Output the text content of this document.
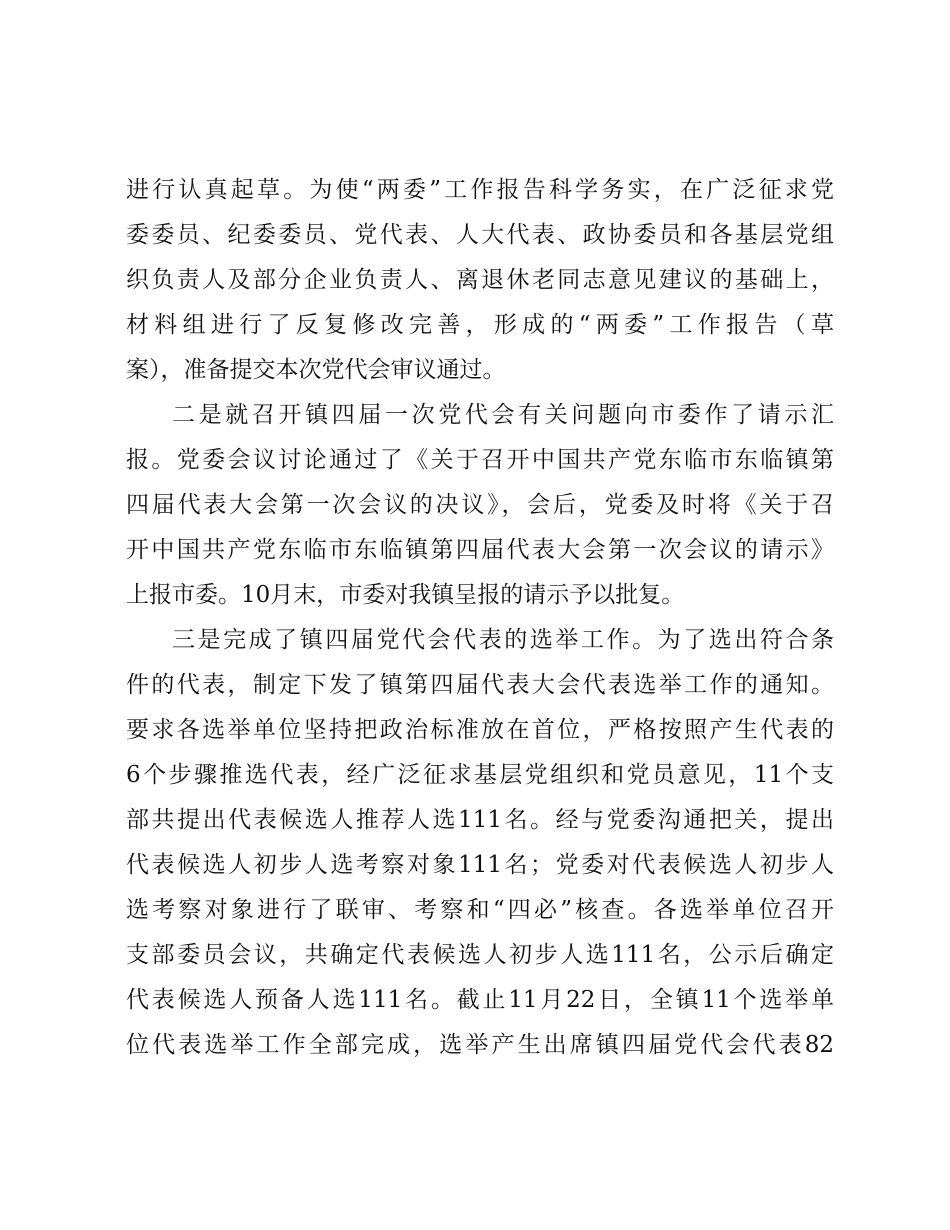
进行认真起草。为使“两委”工作报告科学务实，在广泛征求党
委委员、纪委委员、党代表、人大代表、政协委员和各基层党组
织负责人及部分企业负责人、离退休老同志意见建议的基础上，
材料组进行了反复修改完善，形成的“两委”工作报告（草
案），准备提交本次党代会审议通过。
二是就召开镇四届一次党代会有关问题向市委作了请示汇
报。党委会议讨论通过了《关于召开中国共产党东临市东临镇第
四届代表大会第一次会议的决议》，会后，党委及时将《关于召
开中国共产党东临市东临镇第四届代表大会第一次会议的请示》
上报市委。10月末，市委对我镇呈报的请示予以批复。
三是完成了镇四届党代会代表的选举工作。为了选出符合条
件的代表，制定下发了镇第四届代表大会代表选举工作的通知。
要求各选举单位坚持把政治标准放在首位，严格按照产生代表的
6个步骤推选代表，经广泛征求基层党组织和党员意见，11个支
部共提出代表候选人推荐人选111名。经与党委沟通把关，提出
代表候选人初步人选考察对象111名；党委对代表候选人初步人
选考察对象进行了联审、考察和“四必”核查。各选举单位召开
支部委员会议，共确定代表候选人初步人选111名，公示后确定
代表候选人预备人选111名。截止11月22日，全镇11个选举单
位代表选举工作全部完成，选举产生出席镇四届党代会代表82
